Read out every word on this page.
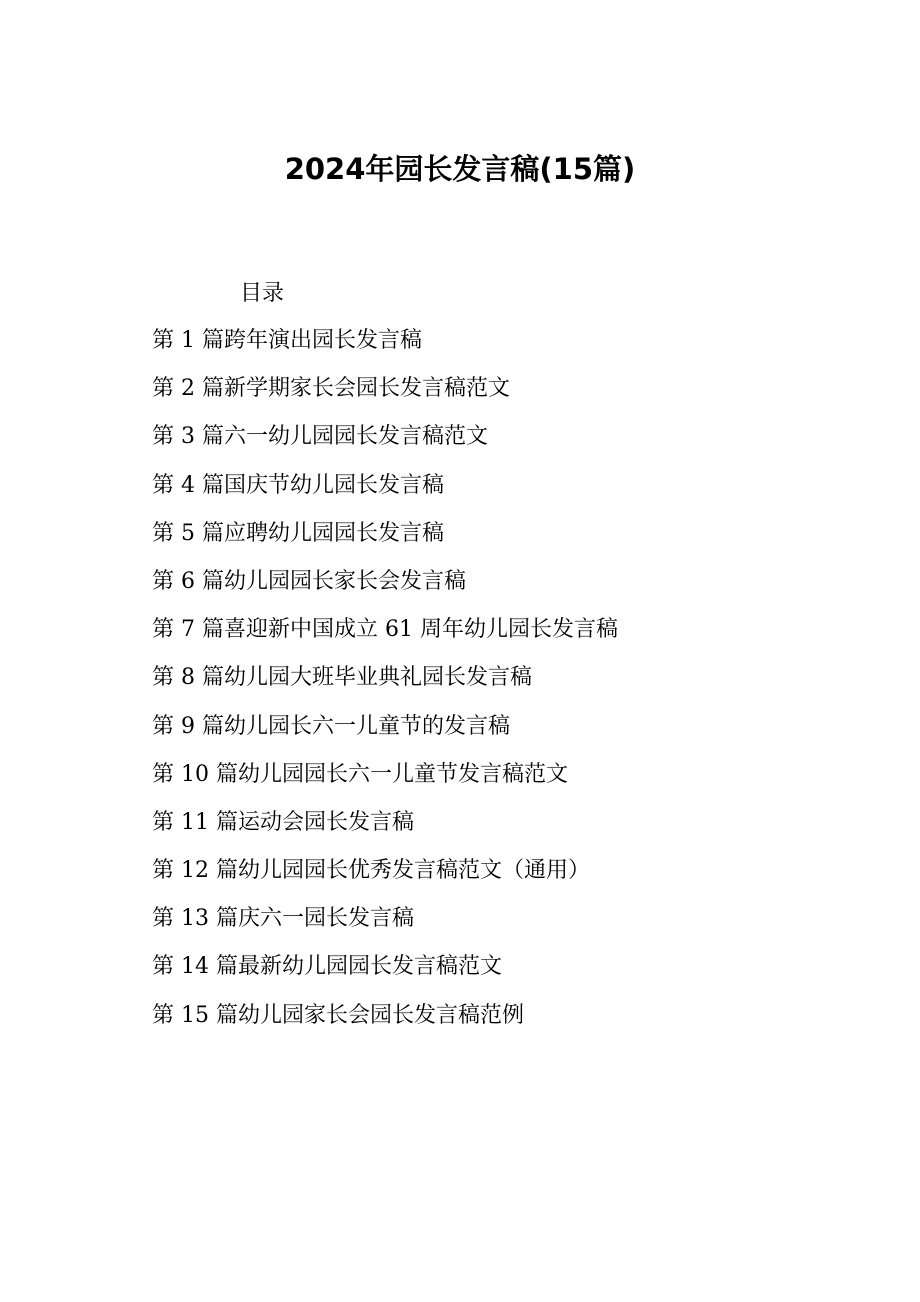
2024年园长发言稿(15篇)
目录
第 1 篇跨年演出园长发言稿
第 2 篇新学期家长会园长发言稿范文
第 3 篇六一幼儿园园长发言稿范文
第 4 篇国庆节幼儿园长发言稿
第 5 篇应聘幼儿园园长发言稿
第 6 篇幼儿园园长家长会发言稿
第 7 篇喜迎新中国成立 61 周年幼儿园长发言稿
第 8 篇幼儿园大班毕业典礼园长发言稿
第 9 篇幼儿园长六一儿童节的发言稿
第 10 篇幼儿园园长六一儿童节发言稿范文
第 11 篇运动会园长发言稿
第 12 篇幼儿园园长优秀发言稿范文（通用）
第 13 篇庆六一园长发言稿
第 14 篇最新幼儿园园长发言稿范文
第 15 篇幼儿园家长会园长发言稿范例
